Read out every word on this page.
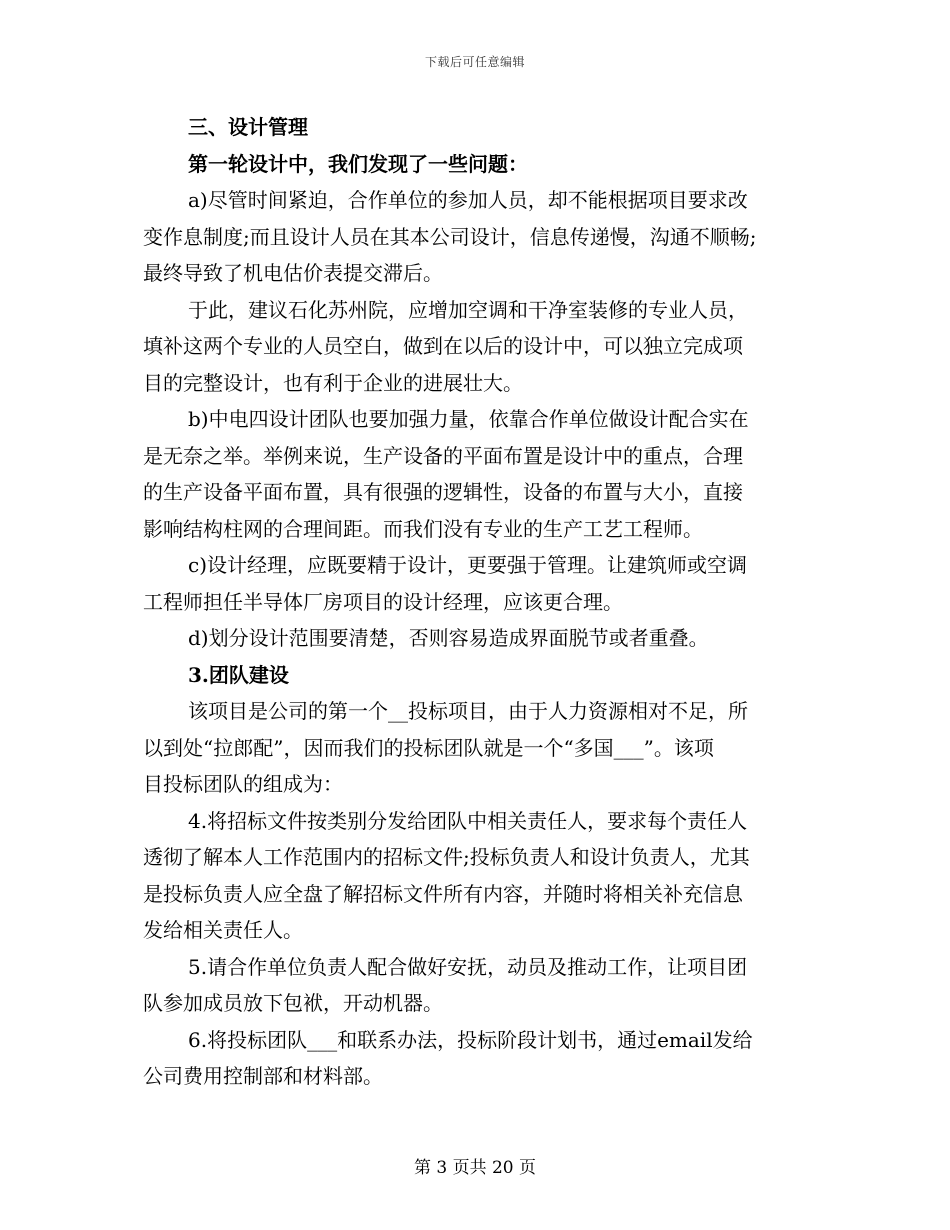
下载后可任意编辑
三、设计管理
第一轮设计中，我们发现了一些问题：
a)尽管时间紧迫，合作单位的参加人员，却不能根据项目要求改
变作息制度;而且设计人员在其本公司设计，信息传递慢，沟通不顺畅;
最终导致了机电估价表提交滞后。
于此，建议石化苏州院，应增加空调和干净室装修的专业人员，
填补这两个专业的人员空白，做到在以后的设计中，可以独立完成项
目的完整设计，也有利于企业的进展壮大。
b)中电四设计团队也要加强力量，依靠合作单位做设计配合实在
是无奈之举。举例来说，生产设备的平面布置是设计中的重点，合理
的生产设备平面布置，具有很强的逻辑性，设备的布置与大小，直接
影响结构柱网的合理间距。而我们没有专业的生产工艺工程师。
c)设计经理，应既要精于设计，更要强于管理。让建筑师或空调
工程师担任半导体厂房项目的设计经理，应该更合理。
d)划分设计范围要清楚，否则容易造成界面脱节或者重叠。
3.团队建设
该项目是公司的第一个__投标项目，由于人力资源相对不足，所
以到处“拉郎配”，因而我们的投标团队就是一个“多国___”。该项
目投标团队的组成为：
4.将招标文件按类别分发给团队中相关责任人，要求每个责任人
透彻了解本人工作范围内的招标文件;投标负责人和设计负责人，尤其
是投标负责人应全盘了解招标文件所有内容，并随时将相关补充信息
发给相关责任人。
5.请合作单位负责人配合做好安抚，动员及推动工作，让项目团
队参加成员放下包袱，开动机器。
6.将投标团队___和联系办法，投标阶段计划书，通过email发给
公司费用控制部和材料部。
第 3 页共 20 页
